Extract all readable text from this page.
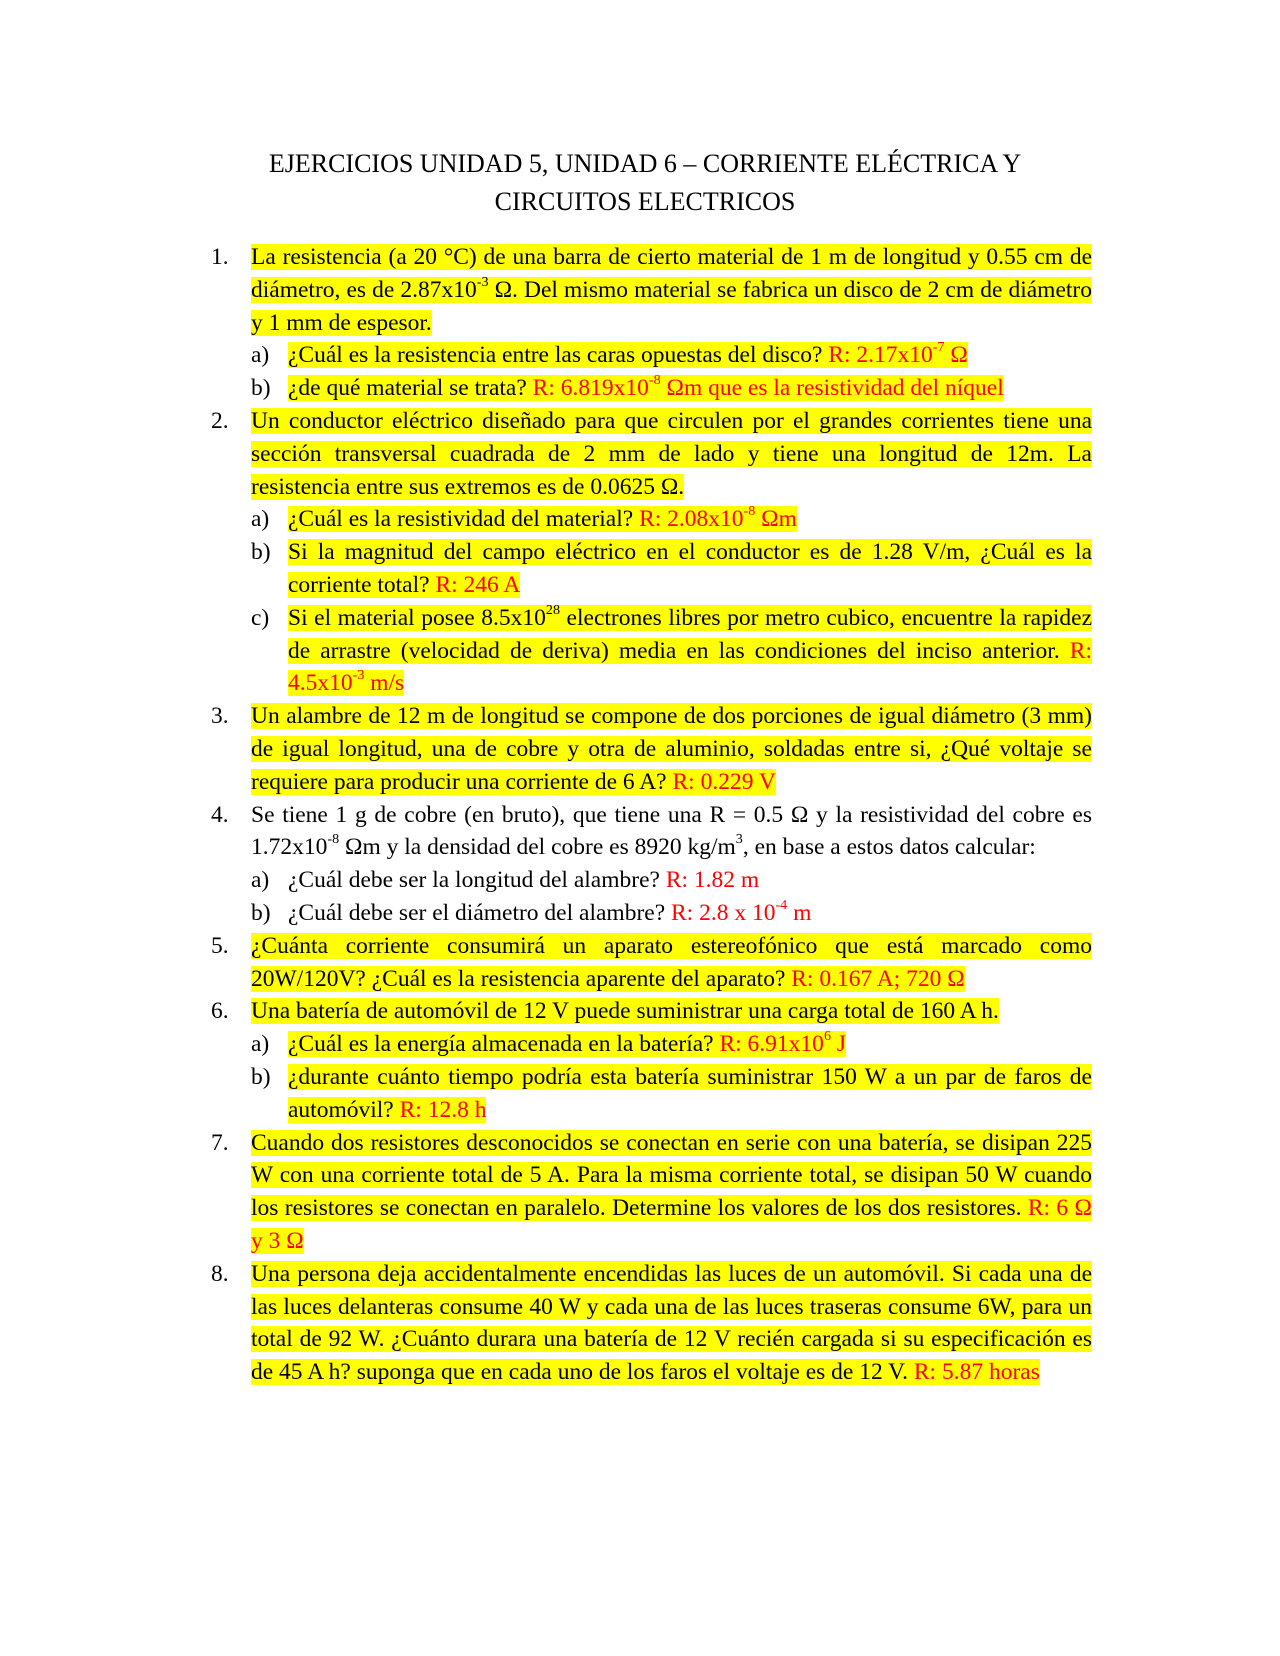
EJERCICIOS UNIDAD 5, UNIDAD 6 – CORRIENTE ELÉCTRICA Y
CIRCUITOS ELECTRICOS
1. La resistencia (a 20 °C) de una barra de cierto material de 1 m de longitud y 0.55 cm de diámetro, es de $2.87x10^{-3}$ Ω. Del mismo material se fabrica un disco de 2 cm de diámetro y 1 mm de espesor.
a) ¿Cuál es la resistencia entre las caras opuestas del disco? R: $2.17x10^{-7}$ Ω
b) ¿de qué material se trata? R: $6.819x10^{-8}$ Ωm que es la resistividad del níquel
2. Un conductor eléctrico diseñado para que circulen por el grandes corrientes tiene una sección transversal cuadrada de 2 mm de lado y tiene una longitud de 12m. La resistencia entre sus extremos es de 0.0625 Ω.
a) ¿Cuál es la resistividad del material? R: $2.08x10^{-8}$ Ωm
b) Si la magnitud del campo eléctrico en el conductor es de 1.28 V/m, ¿Cuál es la corriente total? R: 246 A
c) Si el material posee $8.5x10^{28}$ electrones libres por metro cubico, encuentre la rapidez de arrastre (velocidad de deriva) media en las condiciones del inciso anterior. R: $4.5x10^{-3}$ m/s
3. Un alambre de 12 m de longitud se compone de dos porciones de igual diámetro (3 mm) de igual longitud, una de cobre y otra de aluminio, soldadas entre si, ¿Qué voltaje se requiere para producir una corriente de 6 A? R: 0.229 V
4. Se tiene 1 g de cobre (en bruto), que tiene una R = 0.5 Ω y la resistividad del cobre es $1.72x10^{-8}$ Ωm y la densidad del cobre es 8920 $kg/m^3$, en base a estos datos calcular:
a) ¿Cuál debe ser la longitud del alambre? R: 1.82 m
b) ¿Cuál debe ser el diámetro del alambre? R: 2.8 x $10^{-4}$ m
5. ¿Cuánta corriente consumirá un aparato estereofónico que está marcado como 20W/120V? ¿Cuál es la resistencia aparente del aparato? R: 0.167 A; 720 Ω
6. Una batería de automóvil de 12 V puede suministrar una carga total de 160 A h.
a) ¿Cuál es la energía almacenada en la batería? R: $6.91x10^6$ J
b) ¿durante cuánto tiempo podría esta batería suministrar 150 W a un par de faros de automóvil? R: 12.8 h
7. Cuando dos resistores desconocidos se conectan en serie con una batería, se disipan 225 W con una corriente total de 5 A. Para la misma corriente total, se disipan 50 W cuando los resistores se conectan en paralelo. Determine los valores de los dos resistores. R: 6 Ω y 3 Ω
8. Una persona deja accidentalmente encendidas las luces de un automóvil. Si cada una de las luces delanteras consume 40 W y cada una de las luces traseras consume 6W, para un total de 92 W. ¿Cuánto durara una batería de 12 V recién cargada si su especificación es de 45 A h? suponga que en cada uno de los faros el voltaje es de 12 V. R: 5.87 horas
